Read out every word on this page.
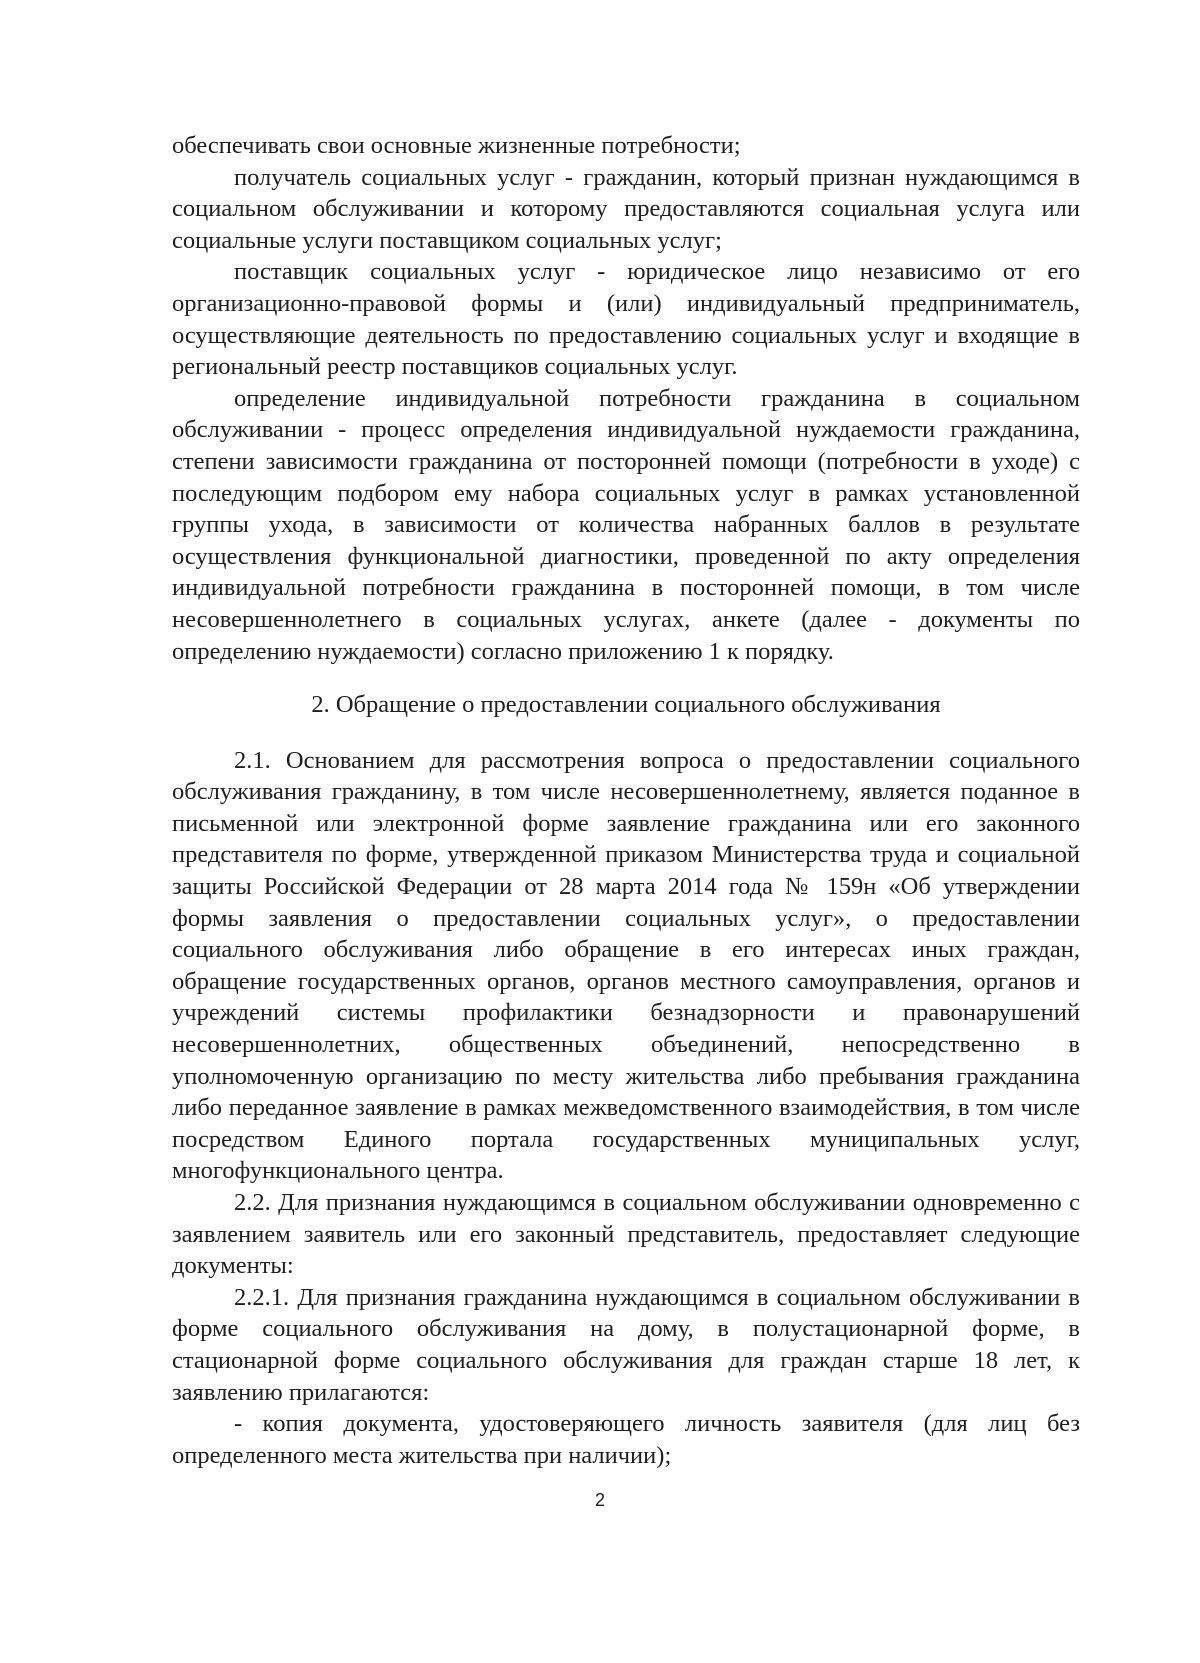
обеспечивать свои основные жизненные потребности;

получатель социальных услуг - гражданин, который признан нуждающимся в социальном обслуживании и которому предоставляются социальная услуга или социальные услуги поставщиком социальных услуг;

поставщик социальных услуг - юридическое лицо независимо от его организационно-правовой формы и (или) индивидуальный предприниматель, осуществляющие деятельность по предоставлению социальных услуг и входящие в региональный реестр поставщиков социальных услуг.

определение индивидуальной потребности гражданина в социальном обслуживании - процесс определения индивидуальной нуждаемости гражданина, степени зависимости гражданина от посторонней помощи (потребности в уходе) с последующим подбором ему набора социальных услуг в рамках установленной группы ухода, в зависимости от количества набранных баллов в результате осуществления функциональной диагностики, проведенной по акту определения индивидуальной потребности гражданина в посторонней помощи, в том числе несовершеннолетнего в социальных услугах, анкете (далее - документы по определению нуждаемости) согласно приложению 1 к порядку.

2. Обращение о предоставлении социального обслуживания

2.1. Основанием для рассмотрения вопроса о предоставлении социального обслуживания гражданину, в том числе несовершеннолетнему, является поданное в письменной или электронной форме заявление гражданина или его законного представителя по форме, утвержденной приказом Министерства труда и социальной защиты Российской Федерации от 28 марта 2014 года № 159н «Об утверждении формы заявления о предоставлении социальных услуг», о предоставлении социального обслуживания либо обращение в его интересах иных граждан, обращение государственных органов, органов местного самоуправления, органов и учреждений системы профилактики безнадзорности и правонарушений несовершеннолетних, общественных объединений, непосредственно в уполномоченную организацию по месту жительства либо пребывания гражданина либо переданное заявление в рамках межведомственного взаимодействия, в том числе посредством Единого портала государственных муниципальных услуг, многофункционального центра.

2.2. Для признания нуждающимся в социальном обслуживании одновременно с заявлением заявитель или его законный представитель, предоставляет следующие документы:

2.2.1. Для признания гражданина нуждающимся в социальном обслуживании в форме социального обслуживания на дому, в полустационарной форме, в стационарной форме социального обслуживания для граждан старше 18 лет, к заявлению прилагаются:

- копия документа, удостоверяющего личность заявителя (для лиц без определенного места жительства при наличии);

2
